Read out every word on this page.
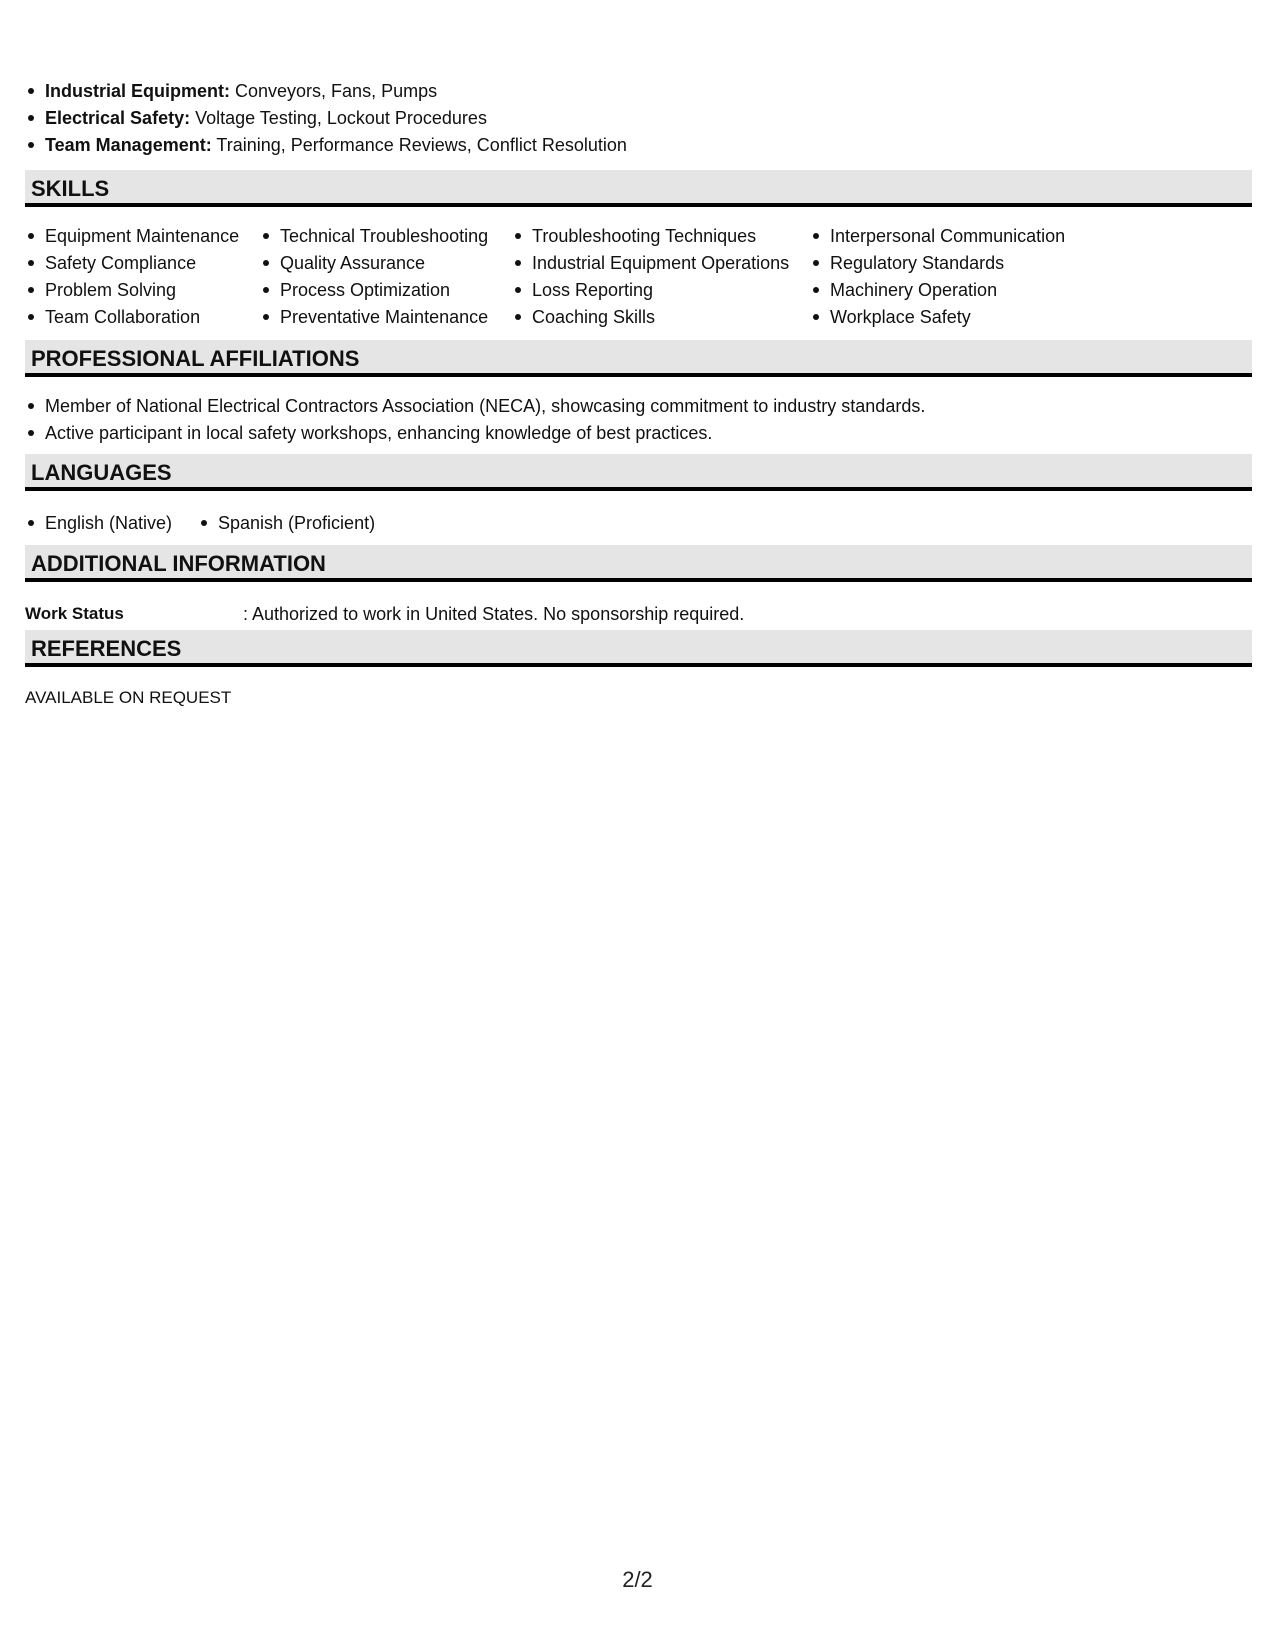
Industrial Equipment: Conveyors, Fans, Pumps
Electrical Safety: Voltage Testing, Lockout Procedures
Team Management: Training, Performance Reviews, Conflict Resolution
SKILLS
Equipment Maintenance
Safety Compliance
Problem Solving
Team Collaboration
Technical Troubleshooting
Quality Assurance
Process Optimization
Preventative Maintenance
Troubleshooting Techniques
Industrial Equipment Operations
Loss Reporting
Coaching Skills
Interpersonal Communication
Regulatory Standards
Machinery Operation
Workplace Safety
PROFESSIONAL AFFILIATIONS
Member of National Electrical Contractors Association (NECA), showcasing commitment to industry standards.
Active participant in local safety workshops, enhancing knowledge of best practices.
LANGUAGES
English (Native)	Spanish (Proficient)
ADDITIONAL INFORMATION
Work Status	: Authorized to work in United States. No sponsorship required.
REFERENCES
AVAILABLE ON REQUEST
2/2
